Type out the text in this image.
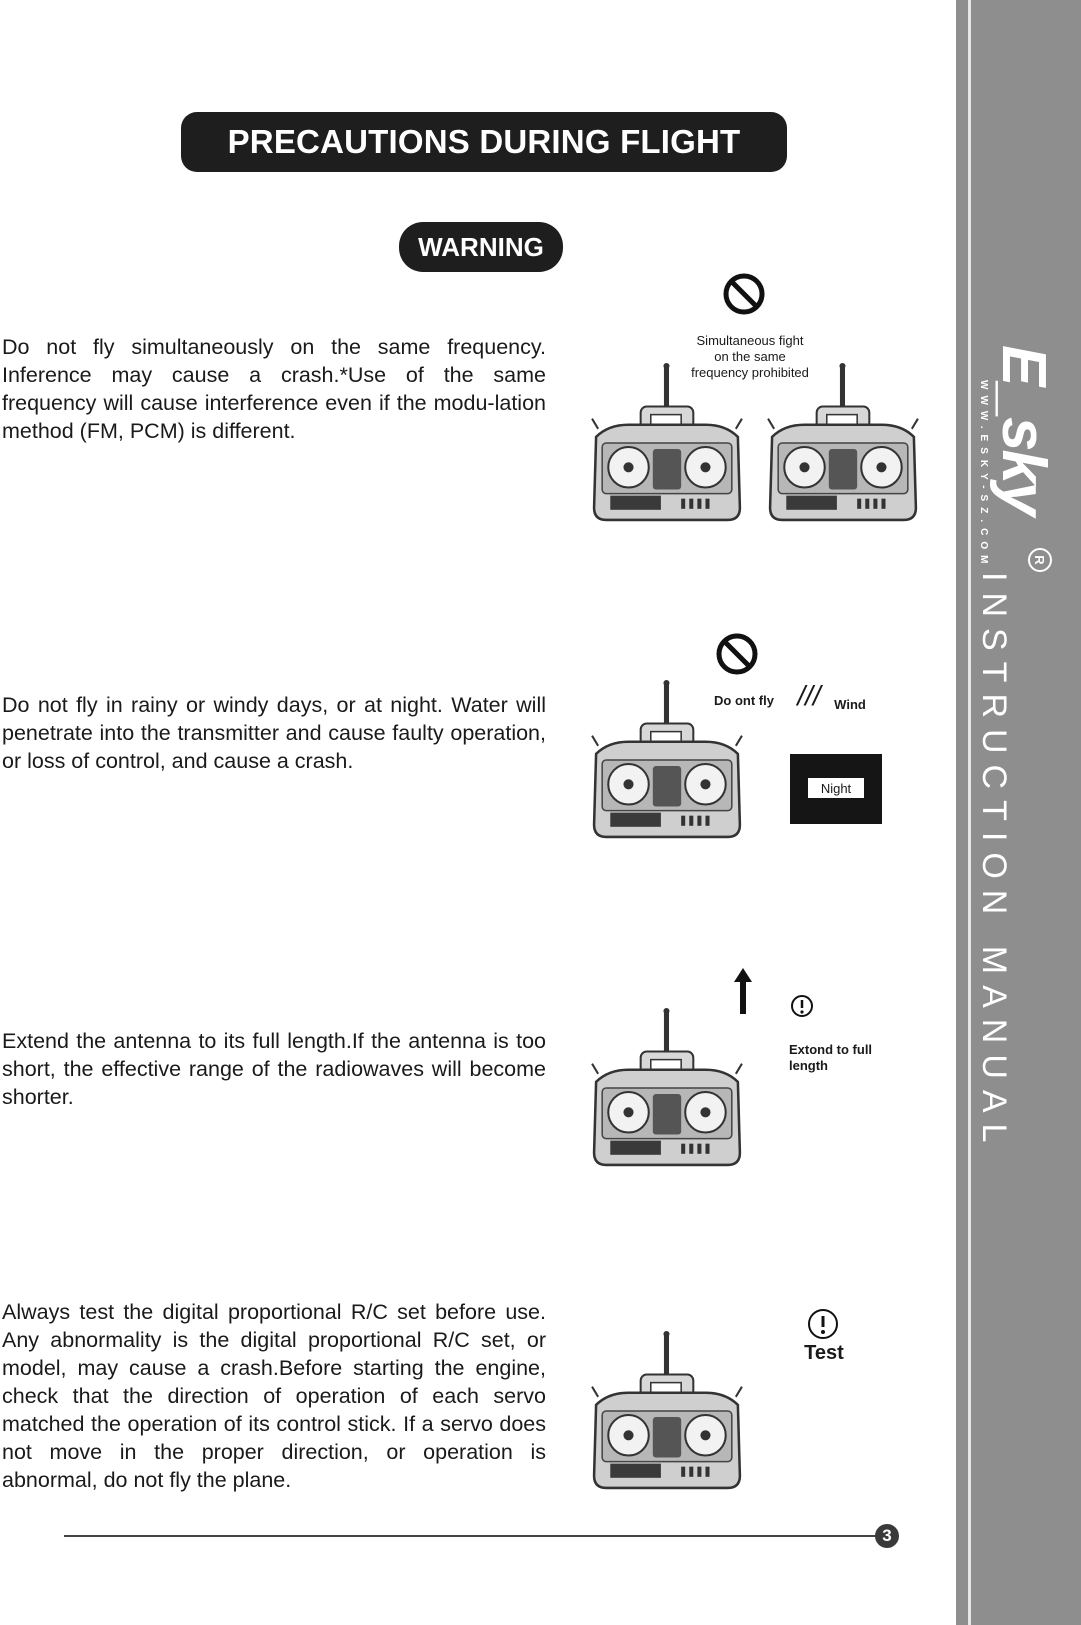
PRECAUTIONS DURING FLIGHT
WARNING
Do not fly simultaneously on the same frequency. Inference may cause a crash.*Use of the same frequency will cause interference even if the modu-lation method (FM, PCM) is different.
Do not fly in rainy or windy days, or at night. Water will penetrate into the transmitter and cause faulty operation, or loss of control, and cause a crash.
Extend the antenna to its full length.If the antenna is too short, the effective range of the radiowaves will become shorter.
Always test the digital proportional R/C set before use. Any abnormality is the digital proportional R/C set, or model, may cause a crash.Before starting the engine, check that the direction of operation of each servo matched the operation of its control stick. If a servo does not move in the proper direction, or operation is abnormal, do not fly the plane.
Simultaneous fight
on the same
frequency prohibited
Do ont fly ///	Wind
Night
Extond to full
length
Test
3
E_sky
WWW.ESKY-SZ.COM	R
INSTRUCTION MANUAL
